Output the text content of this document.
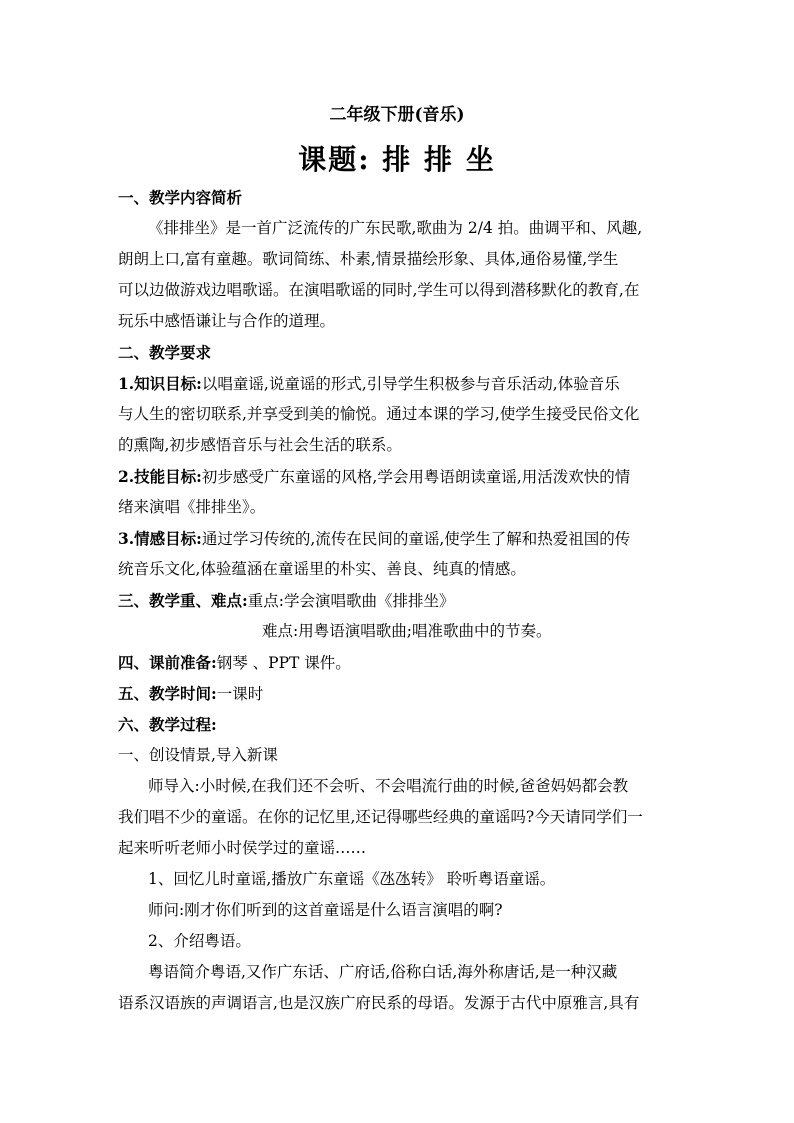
二年级下册(音乐)
课题: 排 排 坐
一、教学内容简析
《排排坐》是一首广泛流传的广东民歌,歌曲为 2/4 拍。曲调平和、风趣,
朗朗上口,富有童趣。歌词简练、朴素,情景描绘形象、具体,通俗易懂,学生
可以边做游戏边唱歌谣。在演唱歌谣的同时,学生可以得到潜移默化的教育,在
玩乐中感悟谦让与合作的道理。
二、教学要求
1.知识目标:以唱童谣,说童谣的形式,引导学生积极参与音乐活动,体验音乐
与人生的密切联系,并享受到美的愉悦。通过本课的学习,使学生接受民俗文化
的熏陶,初步感悟音乐与社会生活的联系。
2.技能目标:初步感受广东童谣的风格,学会用粤语朗读童谣,用活泼欢快的情
绪来演唱《排排坐》。
3.情感目标:通过学习传统的,流传在民间的童谣,使学生了解和热爱祖国的传
统音乐文化,体验蕴涵在童谣里的朴实、善良、纯真的情感。
三、教学重、难点:重点:学会演唱歌曲《排排坐》
难点:用粤语演唱歌曲;唱准歌曲中的节奏。
四、课前准备:钢琴 、PPT 课件。
五、教学时间:一课时
六、教学过程:
一、创设情景,导入新课
师导入:小时候,在我们还不会听、不会唱流行曲的时候,爸爸妈妈都会教
我们唱不少的童谣。在你的记忆里,还记得哪些经典的童谣吗?今天请同学们一
起来听听老师小时侯学过的童谣……
1、回忆儿时童谣,播放广东童谣《氹氹转》 聆听粤语童谣。
师问:刚才你们听到的这首童谣是什么语言演唱的啊?
2、介绍粤语。
粤语简介粤语,又作广东话、广府话,俗称白话,海外称唐话,是一种汉藏
语系汉语族的声调语言,也是汉族广府民系的母语。发源于古代中原雅言,具有
